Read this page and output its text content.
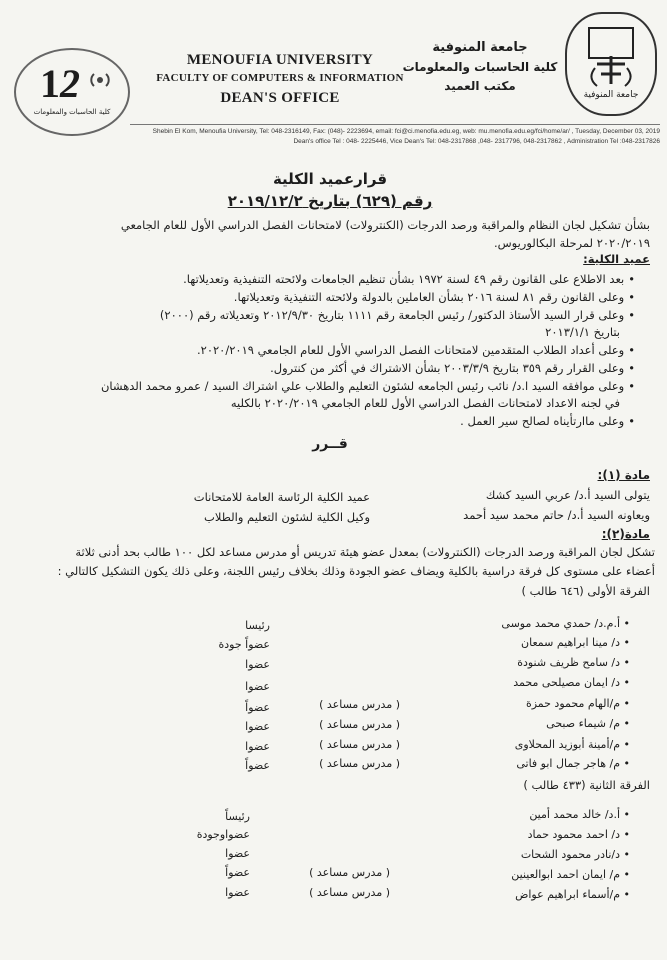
جامعة المنوفية
جامعة المنوفية
كلية الحاسبات والمعلومات
مكتب العميد
MENOUFIA UNIVERSITY
FACULTY OF COMPUTERS & INFORMATION
DEAN'S OFFICE
12
كلية الحاسبات والمعلومات
Shebin El Kom, Menoufia University, Tel: 048-2316149, Fax: (048)- 2223694, email: fci@ci.menofia.edu.eg, web: mu.menofia.edu.eg/fci/home/ar/ , Tuesday, December 03, 2019
Dean's office Tel : 048- 2225446, Vice Dean's Tel: 048-2317868 ,048- 2317796, 048-2317862 , Administration Tel :048-2317826
قرارعميد الكلية
رقم (٦٢٩) بتاريخ ٢٠١٩/١٢/٢
بشأن تشكيل لجان النظام والمراقبة ورصد الدرجات (الكنترولات) لامتحانات الفصل الدراسي الأول للعام الجامعي
٢٠٢٠/٢٠١٩ لمرحلة البكالوريوس.
عميد الكلية:
• بعد الاطلاع على القانون رقم ٤٩ لسنة ١٩٧٢ بشأن تنظيم الجامعات ولائحته التنفيذية وتعديلاتها.
• وعلى القانون رقم ٨١ لسنة ٢٠١٦ بشأن العاملين بالدولة ولائحته التنفيذية وتعديلاتها.
• وعلى قرار السيد الأستاذ الدكتور/ رئيس الجامعة رقم ١١١١ بتاريخ ٢٠١٢/٩/٣٠ وتعديلاته رقم (٢٠٠٠)
بتاريخ ٢٠١٣/١/١
• وعلى أعداد الطلاب المتقدمين لامتحانات الفصل الدراسي الأول للعام الجامعي ٢٠٢٠/٢٠١٩.
• وعلى القرار رقم ٣٥٩ بتاريخ ٢٠٠٣/٣/٩ بشأن الاشتراك في أكثر من كنترول.
• وعلى موافقه السيد ا.د/ نائب رئيس الجامعه لشئون التعليم والطلاب علي اشتراك السيد / عمرو محمد الدهشان
في لجنه الاعداد لامتحانات الفصل الدراسي الأول للعام الجامعي ٢٠٢٠/٢٠١٩ بالكليه
• وعلى ماارتأيناه لصالح سير العمل .
قــرر
مادة (١):
يتولى السيد أ.د/ عربي السيد كشك
عميد الكلية الرئاسة العامة للامتحانات
ويعاونه السيد أ.د/ حاتم محمد سيد أحمد
وكيل الكلية لشئون التعليم والطلاب
مادة(٢):
تشكل لجان المراقبة ورصد الدرجات (الكنترولات) بمعدل عضو هيئة تدريس أو مدرس مساعد لكل ١٠٠ طالب بحد أدنى ثلاثة
أعضاء على مستوى كل فرقة دراسية بالكلية ويضاف عضو الجودة وذلك بخلاف رئيس اللجنة، وعلى ذلك يكون التشكيل كالتالي :
الفرقة الأولى (٦٤٦ طالب )
• أ.م.د/ حمدي محمد موسى
رئيسا
• د/ مينا ابراهيم سمعان
عضواً جودة
• د/ سامح ظريف شنودة
عضوا
• د/ ايمان مصيلحى محمد
عضوا
• م/الهام محمود حمزة
( مدرس مساعد )
عضواً
• م/ شيماء صبحى
( مدرس مساعد )
عضوا
• م/أمينة أبوزيد المحلاوى
( مدرس مساعد )
عضوا
• م/ هاجر جمال ابو فاتى
( مدرس مساعد )
عضواً
الفرقة الثانية (٤٣٣ طالب )
• أ.د/ خالد محمد أمين
رئيساً
• د/ احمد محمود حماد
عضواوجودة
• د/نادر محمود الشحات
عضوا
• م/ ايمان احمد ابوالعينين
( مدرس مساعد )
عضواً
• م/أسماء ابراهيم عواض
( مدرس مساعد )
عضوا
